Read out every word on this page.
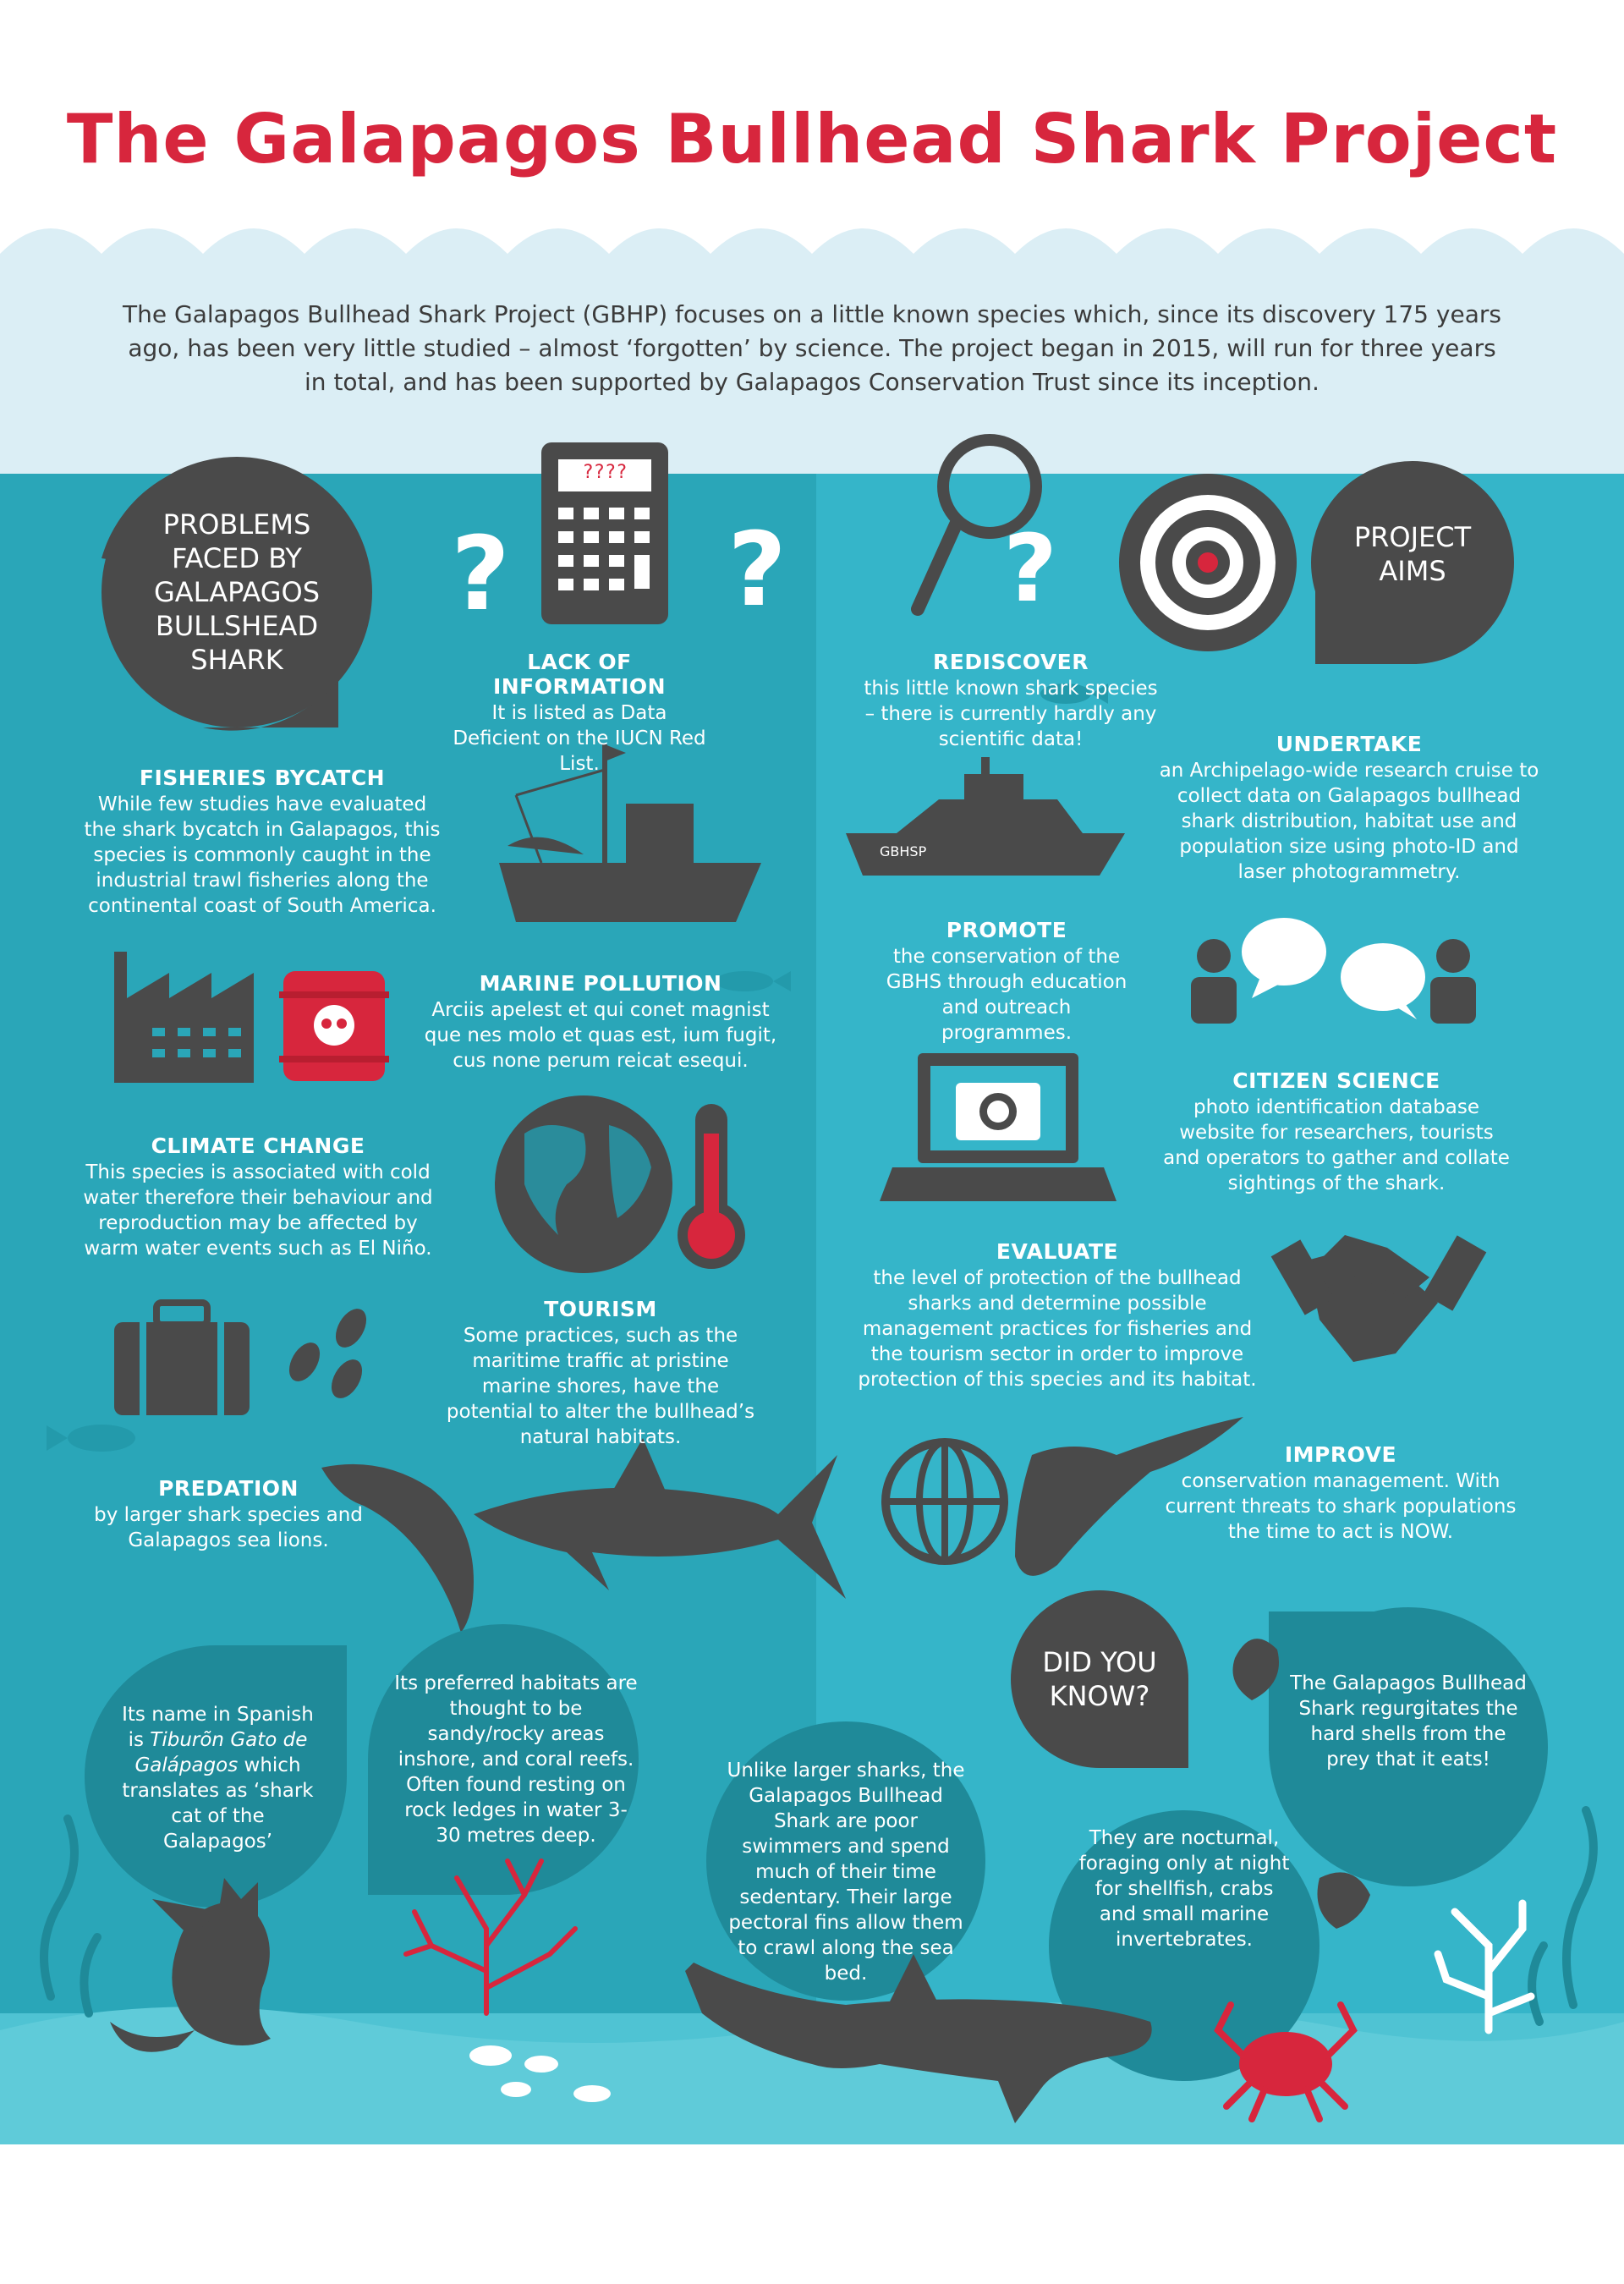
? ? ?
GBHSP
The Galapagos Bullhead Shark Project
The Galapagos Bullhead Shark Project (GBHP) focuses on a little known species which, since its discovery 175 years ago, has been very little studied – almost ‘forgotten’ by science. The project began in 2015, will run for three years in total, and has been supported by Galapagos Conservation Trust since its inception.
PROBLEMS FACED BY GALAPAGOS BULLSHEAD SHARK
PROJECT AIMS
DID YOU KNOW?
????
LACK OF INFORMATION
It is listed as Data Deficient on the IUCN Red List.
FISHERIES BYCATCH
While few studies have evaluated the shark bycatch in Galapagos, this species is commonly caught in the industrial trawl fisheries along the continental coast of South America.
MARINE POLLUTION
Arciis apelest et qui conet magnist que nes molo et quas est, ium fugit, cus none perum reicat esequi.
CLIMATE CHANGE
This species is associated with cold water therefore their behaviour and reproduction may be affected by warm water events such as El Niño.
TOURISM
Some practices, such as the maritime traffic at pristine marine shores, have the potential to alter the bullhead’s natural habitats.
PREDATION
by larger shark species and Galapagos sea lions.
REDISCOVER
this little known shark species – there is currently hardly any scientific data!	UNDERTAKE
an Archipelago-wide research cruise to collect data on Galapagos bullhead shark distribution, habitat use and population size using photo-ID and laser photogrammetry.
PROMOTE
the conservation of the GBHS through education and outreach programmes.
CITIZEN SCIENCE
photo identification database website for researchers, tourists and operators to gather and collate sightings of the shark.
EVALUATE
the level of protection of the bullhead sharks and determine possible management practices for fisheries and the tourism sector in order to improve protection of this species and its habitat.
IMPROVE
conservation management. With current threats to shark populations the time to act is NOW.
Its name in Spanish is Tiburõn Gato de Galápagos which translates as ‘shark cat of the Galapagos’
Its preferred habitats are thought to be sandy/rocky areas inshore, and coral reefs. Often found resting on rock ledges in water 3-30 metres deep.
Unlike larger sharks, the Galapagos Bullhead Shark are poor swimmers and spend much of their time sedentary. Their large pectoral fins allow them to crawl along the sea bed.
They are nocturnal, foraging only at night for shellfish, crabs and small marine invertebrates.
The Galapagos Bullhead Shark regurgitates the hard shells from the prey that it eats!
